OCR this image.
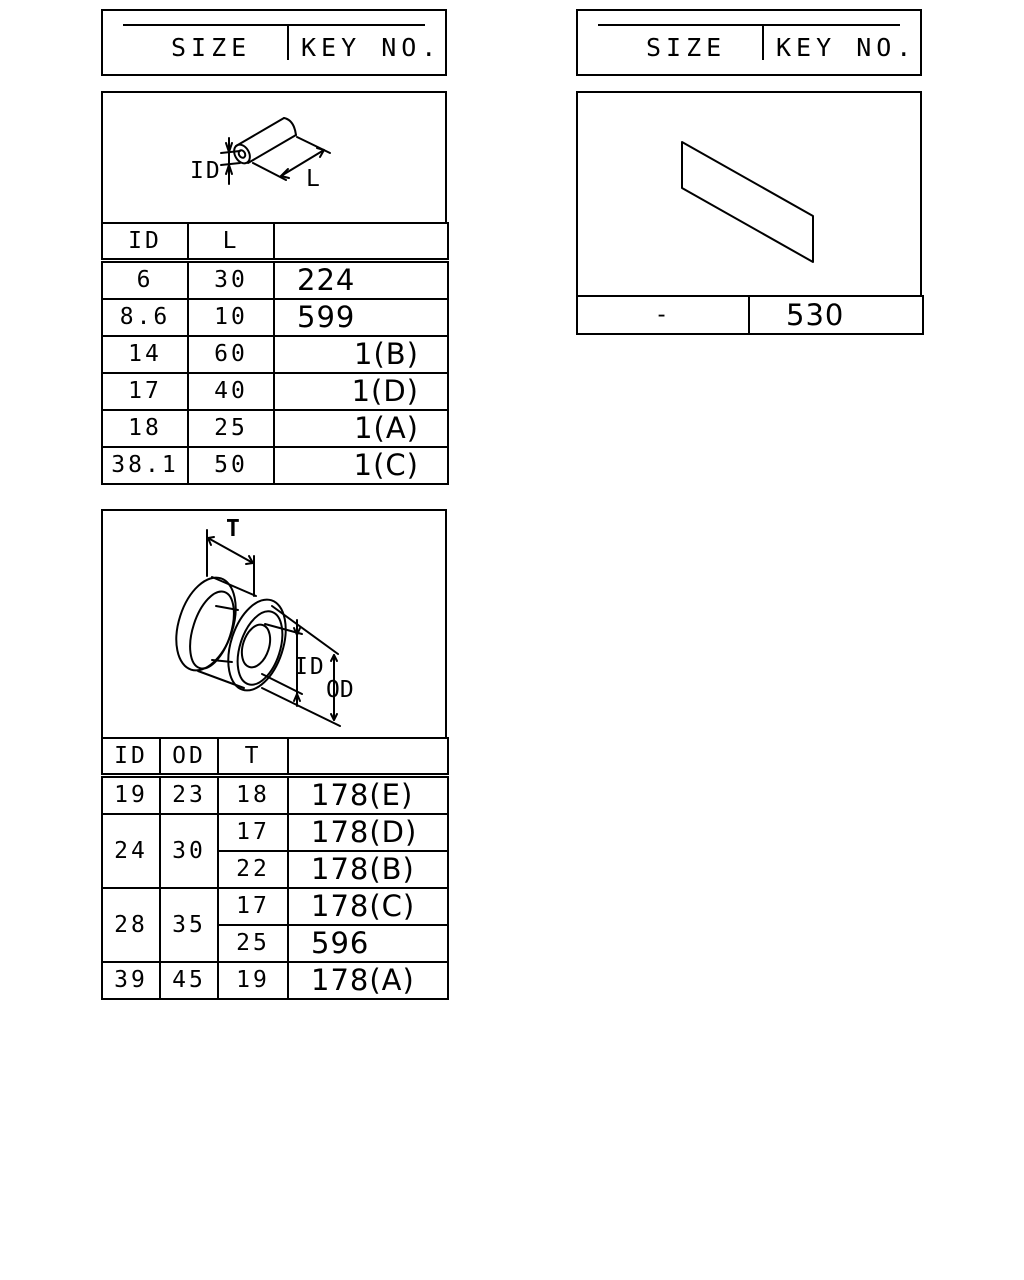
SIZE KEY NO.	SIZE KEY NO.
ID	L	
6	30	224
8.6	10	599
14	60	1(B)
17	40	1(D)
18	25	1(A)
38.1	50	1(C)
ID	OD	T	
19	23	18	178(E)
24	30	17	178(D)
		22	178(B)
28	35	17	178(C)
		25	596
39	45	19	178(A)
-	530
ID	L
T
ID
OD
